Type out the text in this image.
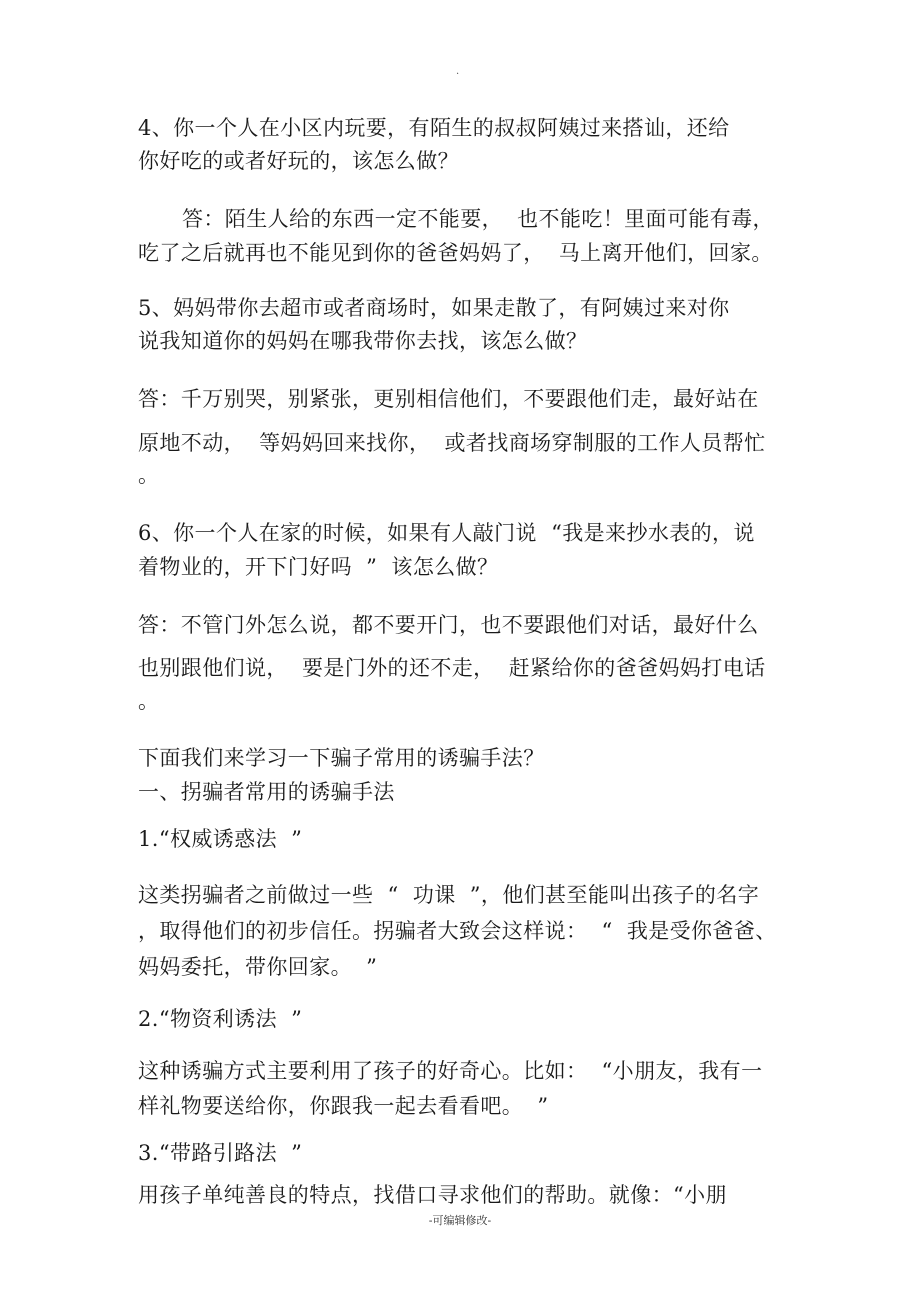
.
4、你一个人在小区内玩要，有陌生的叔叔阿姨过来搭讪，还给
你好吃的或者好玩的，该怎么做？
答：陌生人给的东西一定不能要，  也不能吃！里面可能有毒，
吃了之后就再也不能见到你的爸爸妈妈了，  马上离开他们，回家。
5、妈妈带你去超市或者商场时，如果走散了，有阿姨过来对你
说我知道你的妈妈在哪我带你去找，该怎么做？
答：千万别哭，别紧张，更别相信他们，不要跟他们走，最好站在
原地不动，  等妈妈回来找你，  或者找商场穿制服的工作人员帮忙
。
6、你一个人在家的时候，如果有人敲门说  “我是来抄水表的，说
着物业的，开下门好吗  ”  该怎么做？
答：不管门外怎么说，都不要开门，也不要跟他们对话，最好什么
也别跟他们说，  要是门外的还不走，  赶紧给你的爸爸妈妈打电话
。
下面我们来学习一下骗子常用的诱骗手法？
一、拐骗者常用的诱骗手法
1.“权威诱惑法  ”
这类拐骗者之前做过一些  “  功课  ”，他们甚至能叫出孩子的名字
，取得他们的初步信任。拐骗者大致会这样说：  “  我是受你爸爸、
妈妈委托，带你回家。  ”
2.“物资利诱法  ”
这种诱骗方式主要利用了孩子的好奇心。比如：  “小朋友，我有一
样礼物要送给你，你跟我一起去看看吧。  ”
3.“带路引路法  ”
用孩子单纯善良的特点，找借口寻求他们的帮助。就像：“小朋
-可编辑修改-
